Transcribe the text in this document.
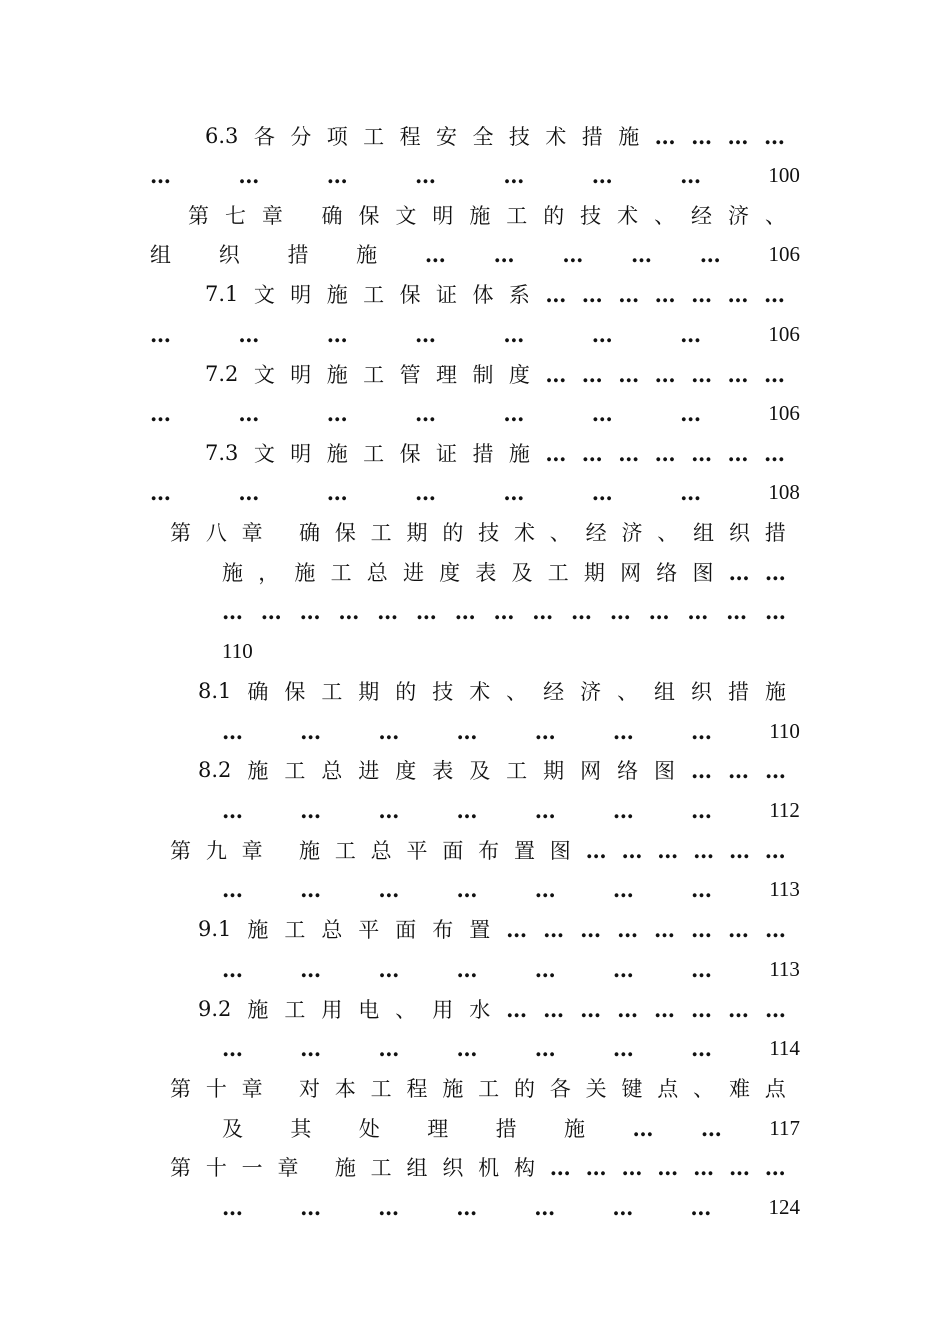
6.3 各 分 项 工 程 安 全 技 术 措 施 … … … …
…	…	…	…	…	…	…	100
第 七 章
确 保 文 明 施 工 的 技 术 、 经 济 、
组 织 措 施 … … … … … 106
7.1 文 明 施 工 保 证 体 系 … … … … … … …
…	…	…	…	…	…	…	106
7.2 文 明 施 工 管 理 制 度 … … … … … … …
…	…	…	…	…	…	…	106
7.3 文 明 施 工 保 证 措 施 … … … … … … …
…	…	…	…	…	…	…	108
第 八 章
确 保 工 期 的 技 术 、 经 济 、 组 织 措
施 ， 施 工 总 进 度 表 及 工 期 网 络 图 … …
… … … … … … … … … … … … … … …
110
8.1 确 保 工 期 的 技 术 、 经 济 、 组 织 措 施
…	…	…	…	…	…	…	110
8.2 施 工 总 进 度 表 及 工 期 网 络 图 … … …
…	…	…	…	…	…	…	112
第 九 章
施 工 总 平 面 布 置 图 … … … … … …
…	…	…	…	…	…	…	113
9.1 施 工 总 平 面 布 置 … … … … … … … …
…	…	…	…	…	…	…	113
9.2 施 工 用 电 、 用 水 … … … … … … … …
…	…	…	…	…	…	…	114
第 十 章
对 本 工 程 施 工 的 各 关 键 点 、 难 点
及 其 处 理 措 施 … … 117
第 十 一 章
施 工 组 织 机 构 … … … … … … …
…	…	…	…	…	…	…	124
